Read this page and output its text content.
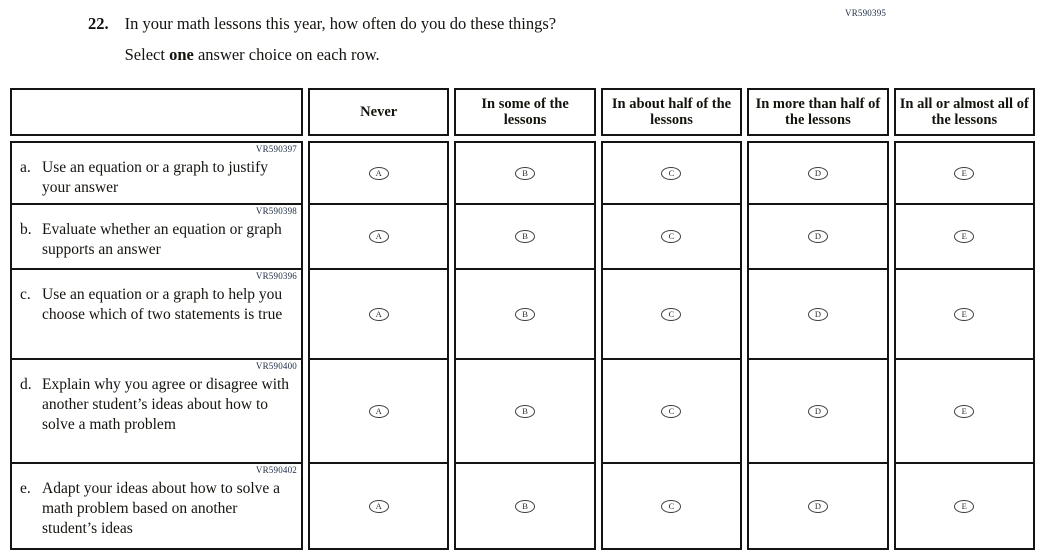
VR590395
22. In your math lessons this year, how often do you do these things?
Select one answer choice on each row.
Never
In some of the lessons
In about half of the lessons
In more than half of the lessons
In all or almost all of the lessons
VR590397
a. Use an equation or a graph to justify your answer
VR590398
b. Evaluate whether an equation or graph supports an answer
VR590396
c. Use an equation or a graph to help you choose which of two statements is true
VR590400
d. Explain why you agree or disagree with another student’s ideas about how to solve a math problem
VR590402
e. Adapt your ideas about how to solve a math problem based on another student’s ideas
A
A
A
A
A
B
B
B
B
B
C
C
C
C
C
D
D
D
D
D
E
E
E
E
E
